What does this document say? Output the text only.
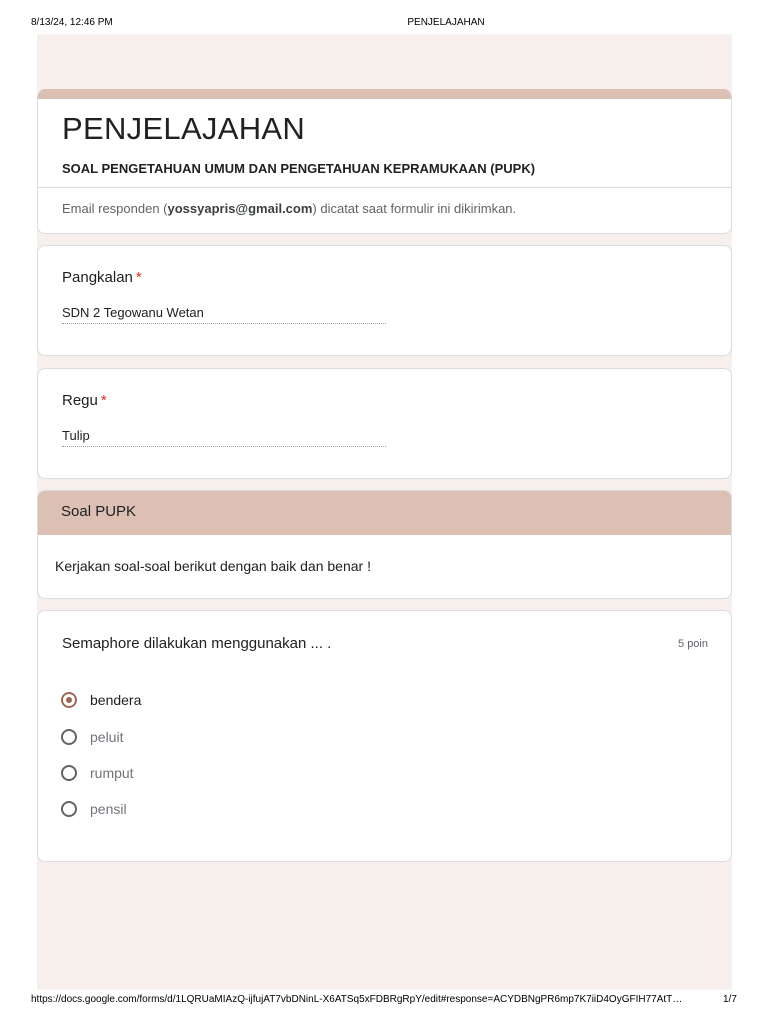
8/13/24, 12:46 PM	PENJELAJAHAN
PENJELAJAHAN
SOAL PENGETAHUAN UMUM DAN PENGETAHUAN KEPRAMUKAAN (PUPK)
Email responden (yossyapris@gmail.com) dicatat saat formulir ini dikirimkan.
Pangkalan *
SDN 2 Tegowanu Wetan
Regu *
Tulip
Soal PUPK
Kerjakan soal-soal berikut dengan baik dan benar !
Semaphore dilakukan menggunakan ... .	5 poin
bendera
peluit
rumput
pensil
https://docs.google.com/forms/d/1LQRUaMIAzQ-ijfujAT7vbDNinL-X6ATSq5xFDBRgRpY/edit#response=ACYDBNgPR6mp7K7iiD4OyGFIH77AtT…	1/7
